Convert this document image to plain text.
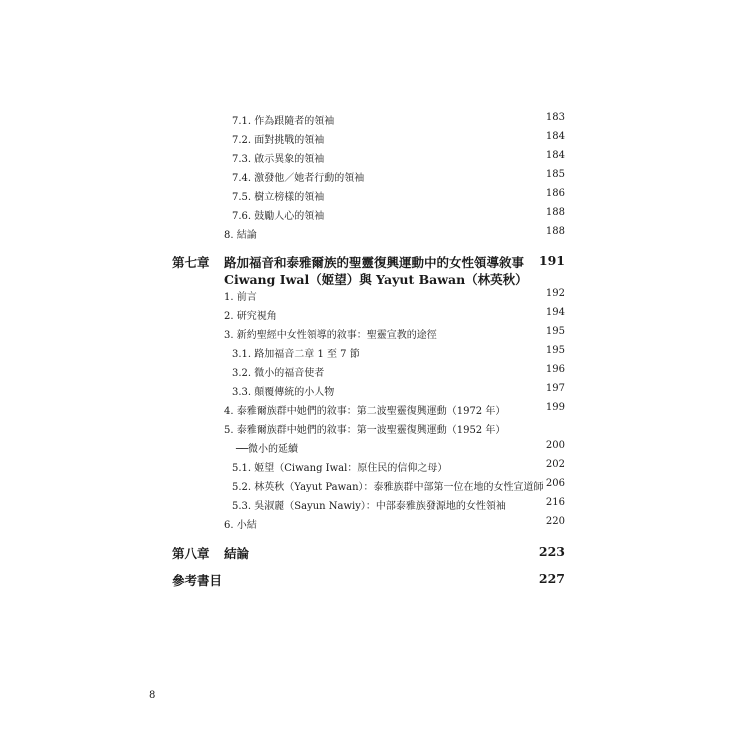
7.1. 作為跟隨者的領袖	183
7.2. 面對挑戰的領袖	184
7.3. 啟示異象的領袖	184
7.4. 激發他／她者行動的領袖	185
7.5. 樹立榜樣的領袖	186
7.6. 鼓勵人心的領袖	188
8. 結論	188
第七章 路加福音和泰雅爾族的聖靈復興運動中的女性領導敘事	191
Ciwang Iwal（姬望）與 Yayut Bawan（林英秋）
1. 前言	192
2. 研究視角	194
3. 新約聖經中女性領導的敘事：聖靈宣教的途徑	195
3.1. 路加福音二章 1 至 7 節	195
3.2. 微小的福音使者	196
3.3. 顛覆傳統的小人物	197
4. 泰雅爾族群中她們的敘事：第二波聖靈復興運動（1972 年）	199
5. 泰雅爾族群中她們的敘事：第一波聖靈復興運動（1952 年）
──微小的延續	200
5.1. 姬望（Ciwang Iwal：原住民的信仰之母）	202
5.2. 林英秋（Yayut Pawan）：泰雅族群中部第一位在地的女性宣道師 206
5.3. 吳淑麗（Sayun Nawiy）：中部泰雅族發源地的女性領袖	216
6. 小結	220
第八章 結論	223
參考書目	227
8
